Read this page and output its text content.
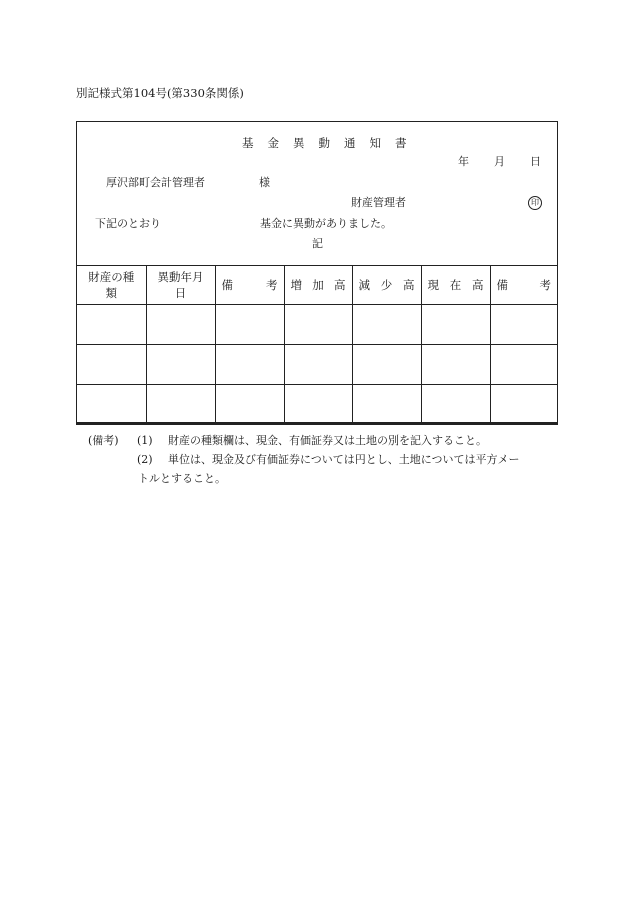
別記様式第104号(第330条関係)
基 金 異 動 通 知 書
年 月 日
厚沢部町会計管理者	様
財産管理者	印
下記のとおり	基金に異動がありました。
記
財産の種類	異動年月日	備 考	増 加 高	減 少 高	現 在 高	備 考

(備考) (1) 財産の種類欄は、現金、有価証券又は土地の別を記入すること。
(2) 単位は、現金及び有価証券については円とし、土地については平方メー
トルとすること。
